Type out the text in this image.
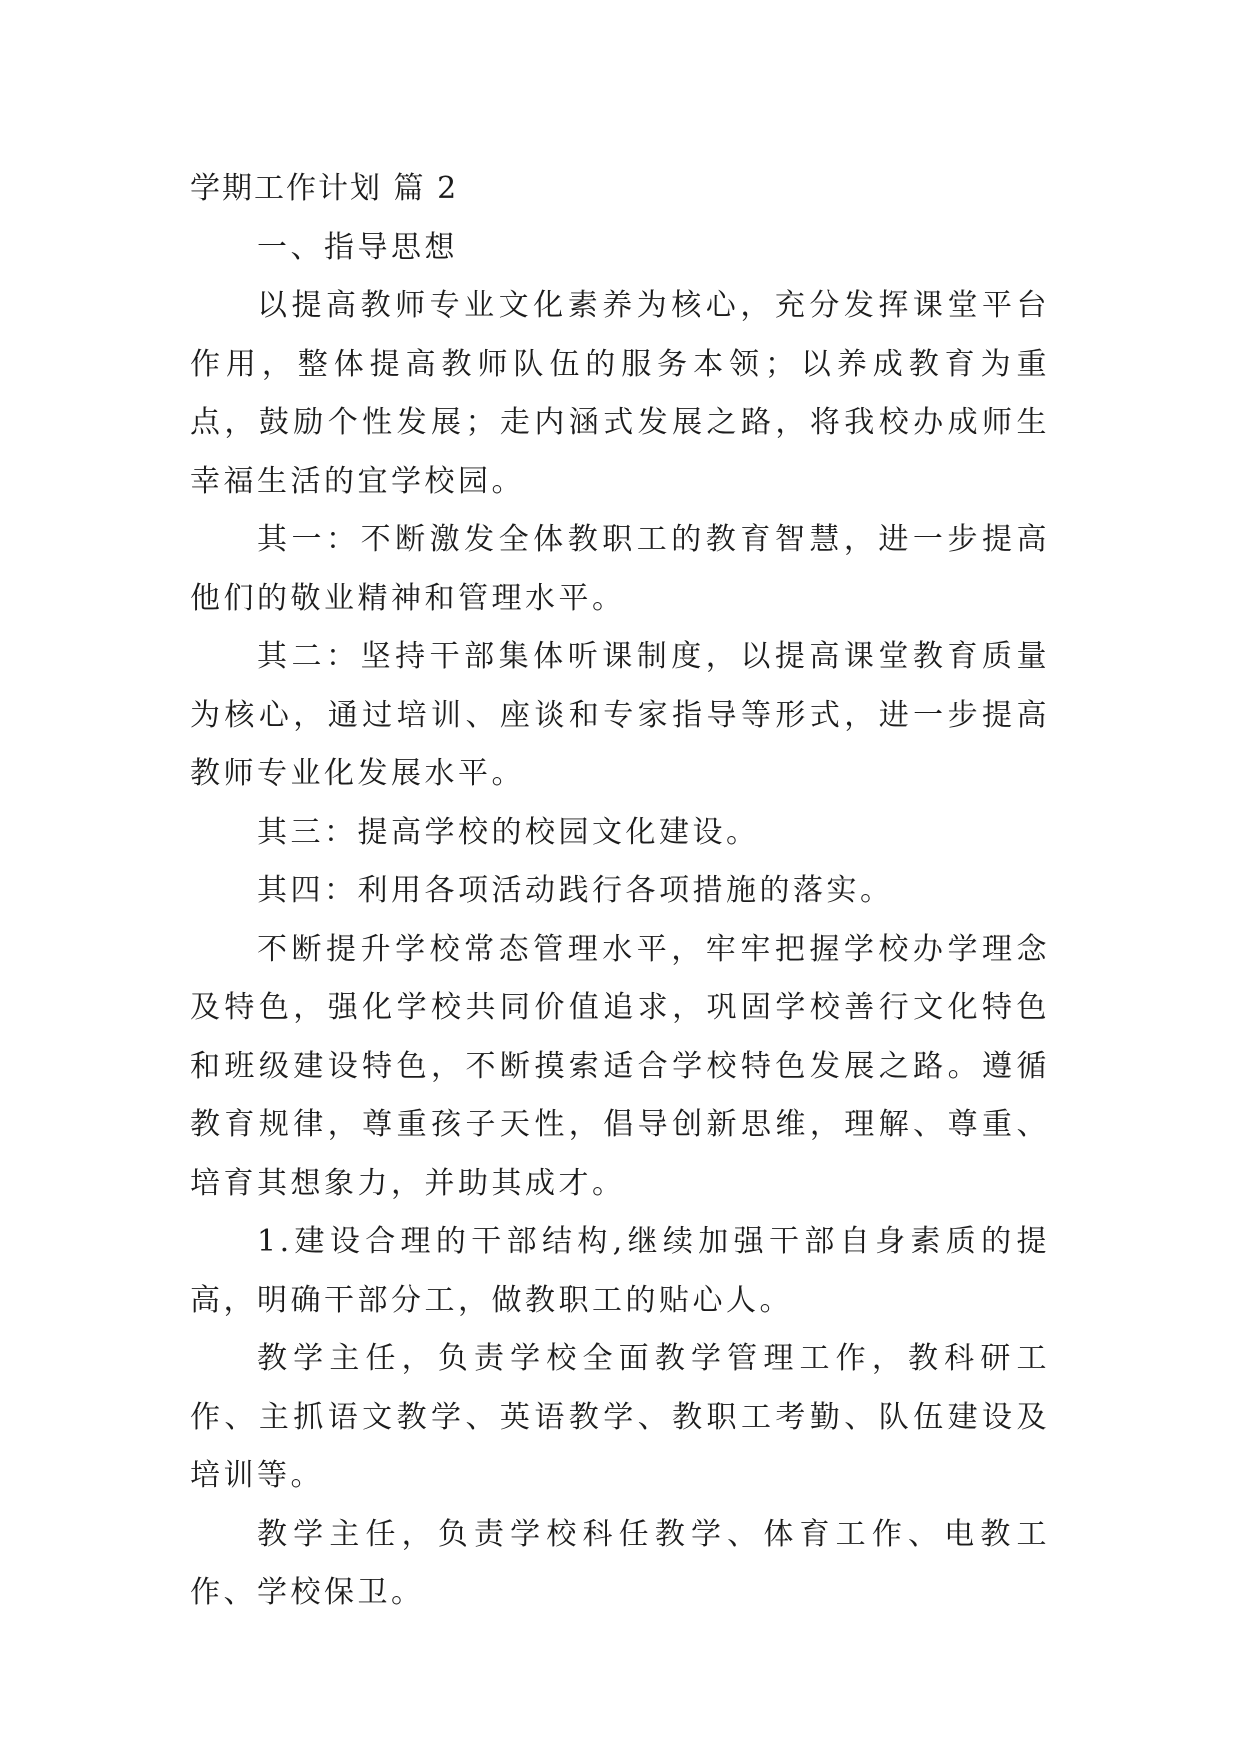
学期工作计划 篇 2

一、指导思想

以提高教师专业文化素养为核心，充分发挥课堂平台作用，整体提高教师队伍的服务本领；以养成教育为重点，鼓励个性发展；走内涵式发展之路，将我校办成师生幸福生活的宜学校园。

其一：不断激发全体教职工的教育智慧，进一步提高他们的敬业精神和管理水平。

其二：坚持干部集体听课制度，以提高课堂教育质量为核心，通过培训、座谈和专家指导等形式，进一步提高教师专业化发展水平。

其三：提高学校的校园文化建设。

其四：利用各项活动践行各项措施的落实。

不断提升学校常态管理水平，牢牢把握学校办学理念及特色，强化学校共同价值追求，巩固学校善行文化特色和班级建设特色，不断摸索适合学校特色发展之路。遵循教育规律，尊重孩子天性，倡导创新思维，理解、尊重、培育其想象力，并助其成才。

1.建设合理的干部结构,继续加强干部自身素质的提高，明确干部分工，做教职工的贴心人。

教学主任，负责学校全面教学管理工作，教科研工作、主抓语文教学、英语教学、教职工考勤、队伍建设及培训等。

教学主任，负责学校科任教学、体育工作、电教工作、学校保卫。
